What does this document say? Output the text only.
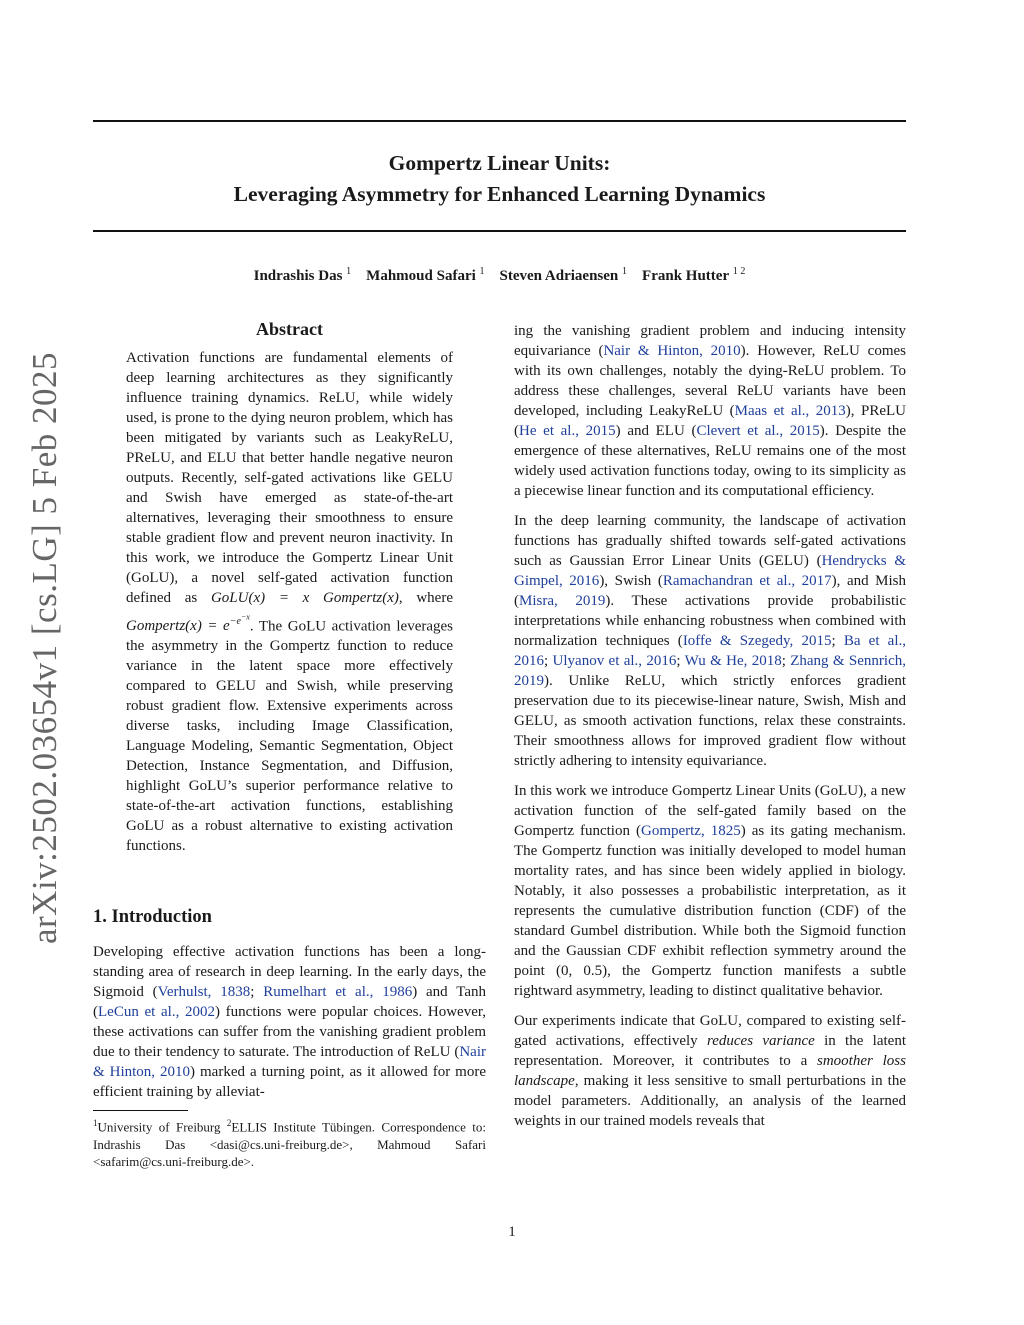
arXiv:2502.03654v1 [cs.LG] 5 Feb 2025
Gompertz Linear Units:
Leveraging Asymmetry for Enhanced Learning Dynamics
Indrashis Das $^1$ Mahmoud Safari $^1$ Steven Adriaensen $^1$ Frank Hutter $^{1 2}$
Abstract

Activation functions are fundamental elements of deep learning architectures as they significantly influence training dynamics. ReLU, while widely used, is prone to the dying neuron problem, which has been mitigated by variants such as LeakyReLU, PReLU, and ELU that better handle negative neuron outputs. Recently, self-gated activations like GELU and Swish have emerged as state-of-the-art alternatives, leveraging their smoothness to ensure stable gradient flow and prevent neuron inactivity. In this work, we introduce the Gompertz Linear Unit (GoLU), a novel self-gated activation function defined as GoLU(x) = x Gompertz(x), where Gompertz(x) = $e^{-e^{-x}}$. The GoLU activation leverages the asymmetry in the Gompertz function to reduce variance in the latent space more effectively compared to GELU and Swish, while preserving robust gradient flow. Extensive experiments across diverse tasks, including Image Classification, Language Modeling, Semantic Segmentation, Object Detection, Instance Segmentation, and Diffusion, highlight GoLU’s superior performance relative to state-of-the-art activation functions, establishing GoLU as a robust alternative to existing activation functions.

1. Introduction

Developing effective activation functions has been a long-standing area of research in deep learning. In the early days, the Sigmoid (Verhulst, 1838; Rumelhart et al., 1986) and Tanh (LeCun et al., 2002) functions were popular choices. However, these activations can suffer from the vanishing gradient problem due to their tendency to saturate. The introduction of ReLU (Nair & Hinton, 2010) marked a turning point, as it allowed for more efficient training by alleviat-

$^1$University of Freiburg $^2$ELLIS Institute Tübingen. Correspondence to: Indrashis Das <dasi@cs.uni-freiburg.de>, Mahmoud Safari <safarim@cs.uni-freiburg.de>.

ing the vanishing gradient problem and inducing intensity equivariance (Nair & Hinton, 2010). However, ReLU comes with its own challenges, notably the dying-ReLU problem. To address these challenges, several ReLU variants have been developed, including LeakyReLU (Maas et al., 2013), PReLU (He et al., 2015) and ELU (Clevert et al., 2015). Despite the emergence of these alternatives, ReLU remains one of the most widely used activation functions today, owing to its simplicity as a piecewise linear function and its computational efficiency.

In the deep learning community, the landscape of activation functions has gradually shifted towards self-gated activations such as Gaussian Error Linear Units (GELU) (Hendrycks & Gimpel, 2016), Swish (Ramachandran et al., 2017), and Mish (Misra, 2019). These activations provide probabilistic interpretations while enhancing robustness when combined with normalization techniques (Ioffe & Szegedy, 2015; Ba et al., 2016; Ulyanov et al., 2016; Wu & He, 2018; Zhang & Sennrich, 2019). Unlike ReLU, which strictly enforces gradient preservation due to its piecewise-linear nature, Swish, Mish and GELU, as smooth activation functions, relax these constraints. Their smoothness allows for improved gradient flow without strictly adhering to intensity equivariance.

In this work we introduce Gompertz Linear Units (GoLU), a new activation function of the self-gated family based on the Gompertz function (Gompertz, 1825) as its gating mechanism. The Gompertz function was initially developed to model human mortality rates, and has since been widely applied in biology. Notably, it also possesses a probabilistic interpretation, as it represents the cumulative distribution function (CDF) of the standard Gumbel distribution. While both the Sigmoid function and the Gaussian CDF exhibit reflection symmetry around the point (0, 0.5), the Gompertz function manifests a subtle rightward asymmetry, leading to distinct qualitative behavior.

Our experiments indicate that GoLU, compared to existing self-gated activations, effectively reduces variance in the latent representation. Moreover, it contributes to a smoother loss landscape, making it less sensitive to small perturbations in the model parameters. Additionally, an analysis of the learned weights in our trained models reveals that

1
